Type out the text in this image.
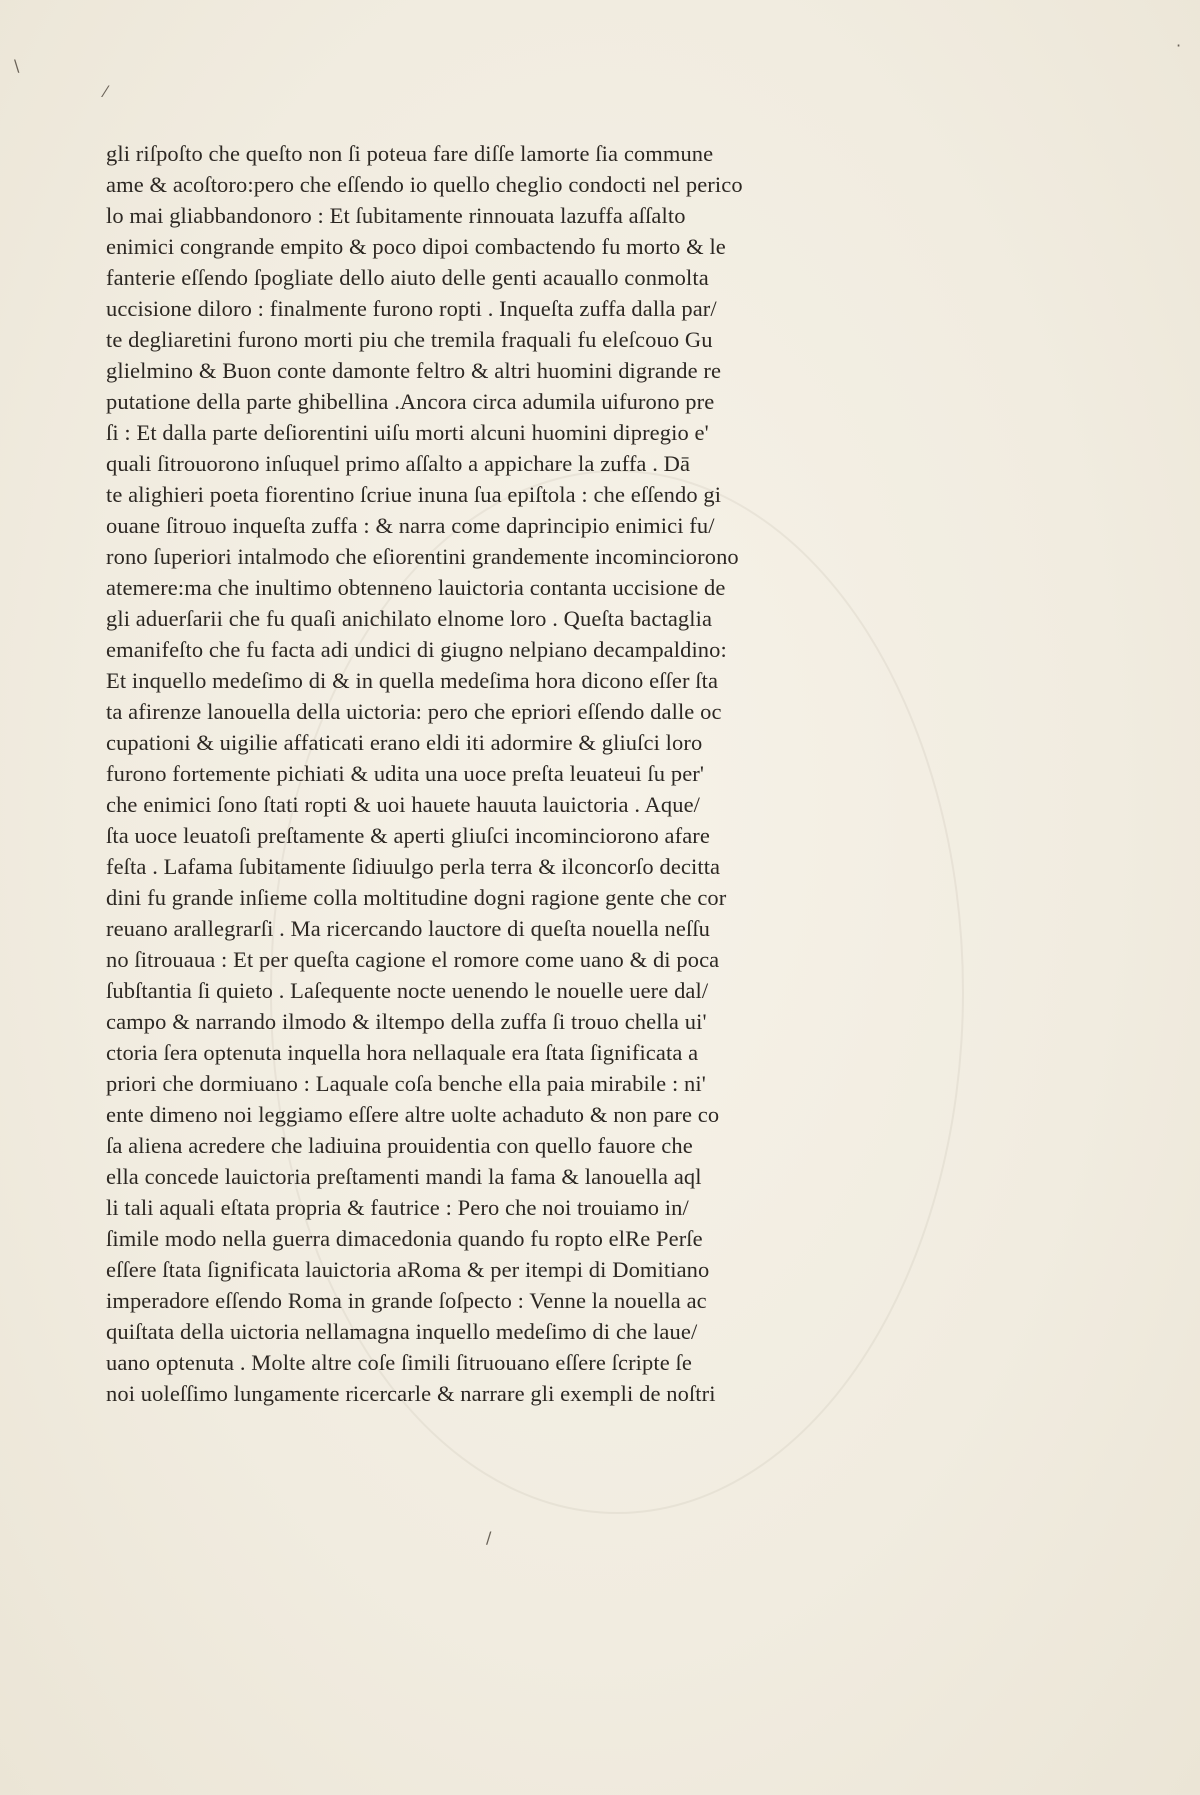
\
⁄
/
·
gli riſpoſto che queſto non ſi poteua fare diſſe lamorte ſia commune
ame & acoſtoro:pero che eſſendo io quello cheglio condocti nel perico
lo mai gliabbandonoro : Et ſubitamente rinnouata lazuffa aſſalto
enimici congrande empito & poco dipoi combactendo fu morto & le
fanterie eſſendo ſpogliate dello aiuto delle genti acauallo conmolta
uccisione diloro : finalmente furono ropti . Inqueſta zuffa dalla par/
te degliaretini furono morti piu che tremila fraquali fu eleſcouo Gu
glielmino & Buon conte damonte feltro & altri huomini digrande re
putatione della parte ghibellina .Ancora circa adumila uifurono pre
ſi : Et dalla parte deſiorentini uiſu morti alcuni huomini dipregio e'
quali ſitrouorono inſuquel primo aſſalto a appichare la zuffa . Dā
te alighieri poeta fiorentino ſcriue inuna ſua epiſtola : che eſſendo gi
ouane ſitrouo inqueſta zuffa : & narra come daprincipio enimici fu/
rono ſuperiori intalmodo che eſiorentini grandemente incominciorono
atemere:ma che inultimo obtenneno lauictoria contanta uccisione de
gli aduerſarii che fu quaſi anichilato elnome loro . Queſta bactaglia
emanifeſto che fu facta adi undici di giugno nelpiano decampaldino:
Et inquello medeſimo di & in quella medeſima hora dicono eſſer ſta
ta afirenze lanouella della uictoria: pero che epriori eſſendo dalle oc
cupationi & uigilie affaticati erano eldi iti adormire & gliuſci loro
furono fortemente pichiati & udita una uoce preſta leuateui ſu per'
che enimici ſono ſtati ropti & uoi hauete hauuta lauictoria . Aque/
ſta uoce leuatoſi preſtamente & aperti gliuſci incominciorono afare
feſta . Lafama ſubitamente ſidiuulgo perla terra & ilconcorſo decitta
dini fu grande inſieme colla moltitudine dogni ragione gente che cor
reuano arallegrarſi . Ma ricercando lauctore di queſta nouella neſſu
no ſitrouaua : Et per queſta cagione el romore come uano & di poca
ſubſtantia ſi quieto . Laſequente nocte uenendo le nouelle uere dal/
campo & narrando ilmodo & iltempo della zuffa ſi trouo chella ui'
ctoria ſera optenuta inquella hora nellaquale era ſtata ſignificata a
priori che dormiuano : Laquale coſa benche ella paia mirabile : ni'
ente dimeno noi leggiamo eſſere altre uolte achaduto & non pare co
ſa aliena acredere che ladiuina prouidentia con quello fauore che
ella concede lauictoria preſtamenti mandi la fama & lanouella aql
li tali aquali eſtata propria & fautrice : Pero che noi trouiamo in/
ſimile modo nella guerra dimacedonia quando fu ropto elRe Perſe
eſſere ſtata ſignificata lauictoria aRoma & per itempi di Domitiano
imperadore eſſendo Roma in grande ſoſpecto : Venne la nouella ac
quiſtata della uictoria nellamagna inquello medeſimo di che laue/
uano optenuta . Molte altre coſe ſimili ſitruouano eſſere ſcripte ſe
noi uoleſſimo lungamente ricercarle & narrare gli exempli de noſtri
